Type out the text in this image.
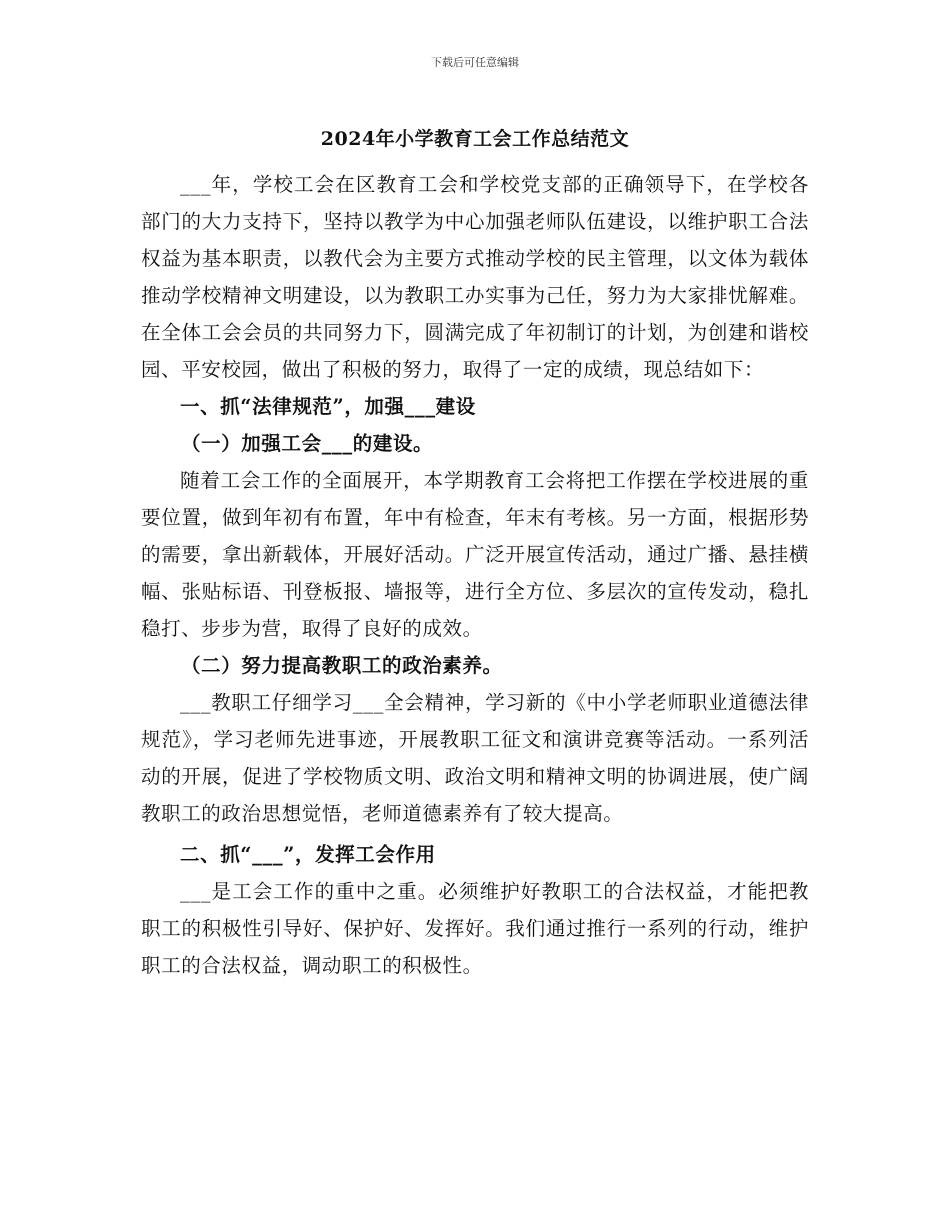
下载后可任意编辑
2024年小学教育工会工作总结范文

___年，学校工会在区教育工会和学校党支部的正确领导下，在学校各部门的大力支持下，坚持以教学为中心加强老师队伍建设，以维护职工合法权益为基本职责，以教代会为主要方式推动学校的民主管理，以文体为载体推动学校精神文明建设，以为教职工办实事为己任，努力为大家排忧解难。在全体工会会员的共同努力下，圆满完成了年初制订的计划，为创建和谐校园、平安校园，做出了积极的努力，取得了一定的成绩，现总结如下：

一、抓“法律规范”，加强___建设

（一）加强工会___的建设。

随着工会工作的全面展开，本学期教育工会将把工作摆在学校进展的重要位置，做到年初有布置，年中有检查，年末有考核。另一方面，根据形势的需要，拿出新载体，开展好活动。广泛开展宣传活动，通过广播、悬挂横幅、张贴标语、刊登板报、墙报等，进行全方位、多层次的宣传发动，稳扎稳打、步步为营，取得了良好的成效。

（二）努力提高教职工的政治素养。

___教职工仔细学习___全会精神，学习新的《中小学老师职业道德法律规范》，学习老师先进事迹，开展教职工征文和演讲竞赛等活动。一系列活动的开展，促进了学校物质文明、政治文明和精神文明的协调进展，使广阔教职工的政治思想觉悟，老师道德素养有了较大提高。

二、抓“___”，发挥工会作用

___是工会工作的重中之重。必须维护好教职工的合法权益，才能把教职工的积极性引导好、保护好、发挥好。我们通过推行一系列的行动，维护职工的合法权益，调动职工的积极性。
